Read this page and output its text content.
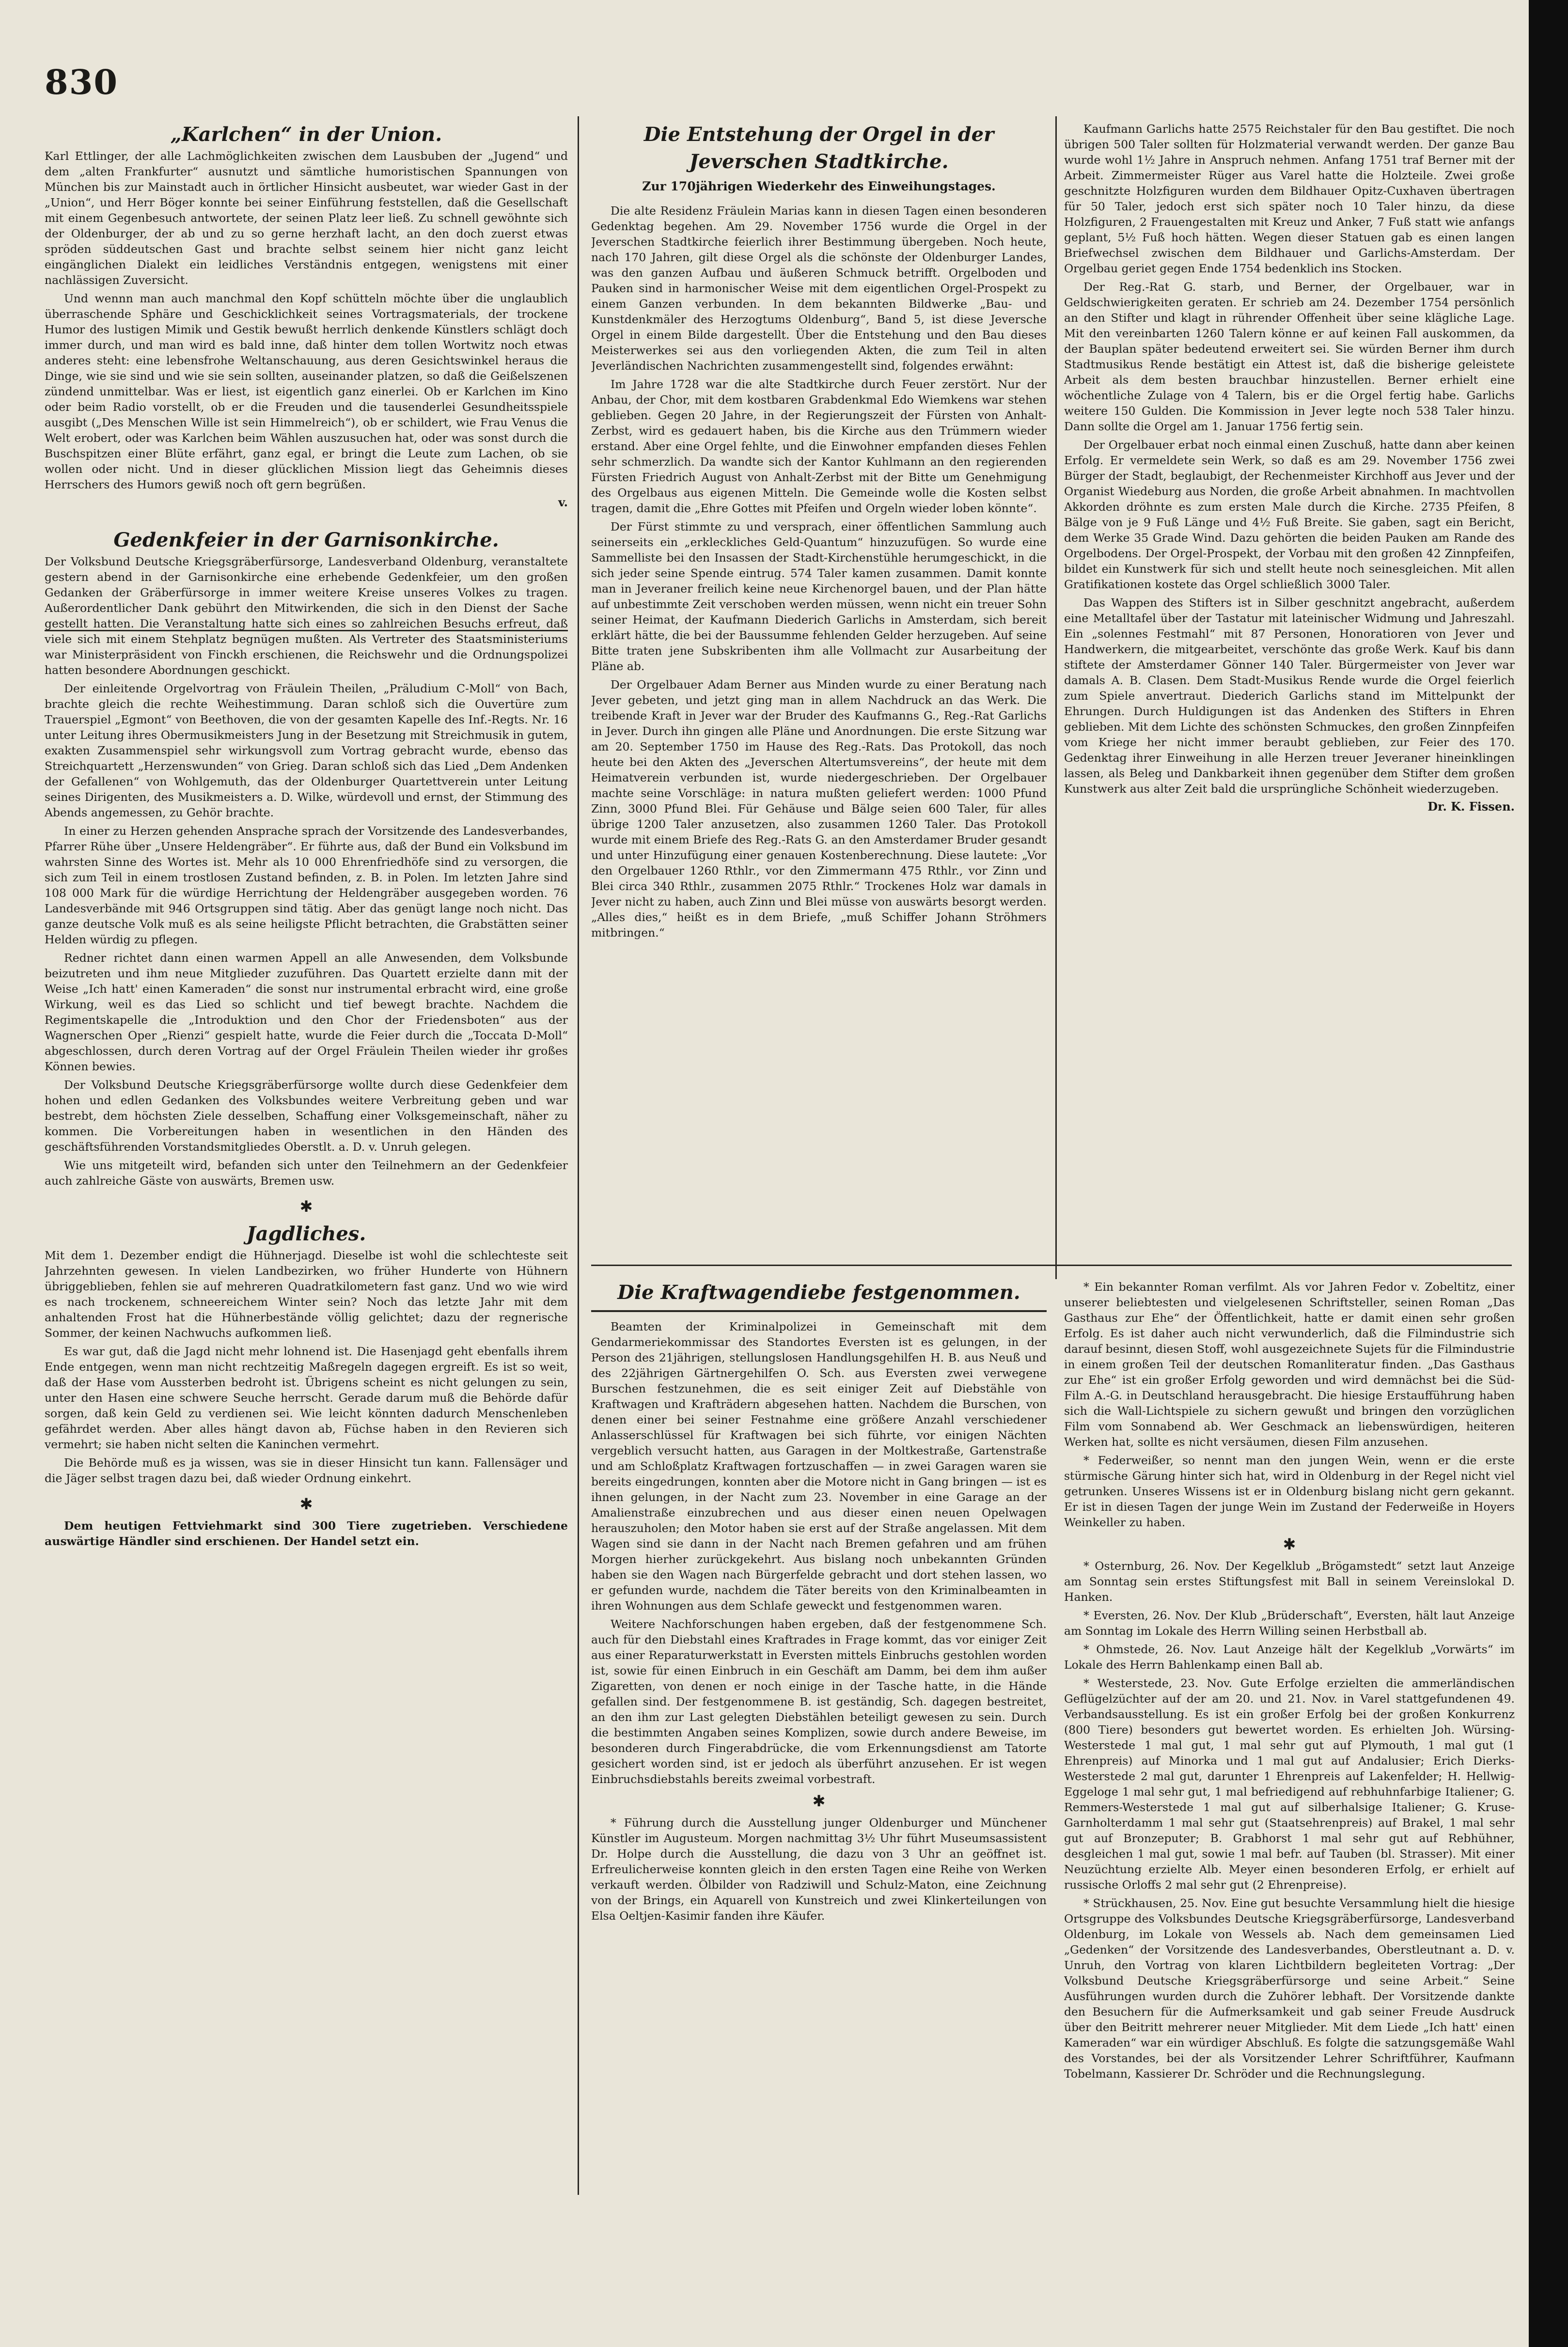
830
„Karlchen“ in der Union.

Karl Ettlinger, der alle Lachmöglichkeiten zwischen dem Lausbuben der „Jugend“ und dem „alten Frankfurter“ ausnutzt und sämtliche humoristischen Spannungen von München bis zur Mainstadt auch in örtlicher Hinsicht ausbeutet, war wieder Gast in der „Union“, und Herr Böger konnte bei seiner Einführung feststellen, daß die Gesellschaft mit einem Gegenbesuch antwortete, der seinen Platz leer ließ. Zu schnell gewöhnte sich der Oldenburger, der ab und zu so gerne herzhaft lacht, an den doch zuerst etwas spröden süddeutschen Gast und brachte selbst seinem hier nicht ganz leicht eingänglichen Dialekt ein leidliches Verständnis entgegen, wenigstens mit einer nachlässigen Zuversicht.

Und wennn man auch manchmal den Kopf schütteln möchte über die unglaublich überraschende Sphäre und Geschicklichkeit seines Vortragsmaterials, der trockene Humor des lustigen Mimik und Gestik bewußt herrlich denkende Künstlers schlägt doch immer durch, und man wird es bald inne, daß hinter dem tollen Wortwitz noch etwas anderes steht: eine lebensfrohe Weltanschauung, aus deren Gesichtswinkel heraus die Dinge, wie sie sind und wie sie sein sollten, auseinander platzen, so daß die Geißelszenen zündend unmittelbar. Was er liest, ist eigentlich ganz einerlei. Ob er Karlchen im Kino oder beim Radio vorstellt, ob er die Freuden und die tausenderlei Gesundheitsspiele ausgibt („Des Menschen Wille ist sein Himmelreich“), ob er schildert, wie Frau Venus die Welt erobert, oder was Karlchen beim Wählen auszusuchen hat, oder was sonst durch die Buschspitzen einer Blüte erfährt, ganz egal, er bringt die Leute zum Lachen, ob sie wollen oder nicht. Und in dieser glücklichen Mission liegt das Geheimnis dieses Herrschers des Humors gewiß noch oft gern begrüßen.

v.
Gedenkfeier in der Garnisonkirche.

Der Volksbund Deutsche Kriegsgräberfürsorge, Landesverband Oldenburg, veranstaltete gestern abend in der Garnisonkirche eine erhebende Gedenkfeier, um den großen Gedanken der Gräberfürsorge in immer weitere Kreise unseres Volkes zu tragen. Außerordentlicher Dank gebührt den Mitwirkenden, die sich in den Dienst der Sache gestellt hatten. Die Veranstaltung hatte sich eines so zahlreichen Besuchs erfreut, daß viele sich mit einem Stehplatz begnügen mußten. Als Vertreter des Staatsministeriums war Ministerpräsident von Finckh erschienen, die Reichswehr und die Ordnungspolizei hatten besondere Abordnungen geschickt.

Der einleitende Orgelvortrag von Fräulein Theilen, „Präludium C-Moll“ von Bach, brachte gleich die rechte Weihestimmung. Daran schloß sich die Ouvertüre zum Trauerspiel „Egmont“ von Beethoven, die von der gesamten Kapelle des Inf.-Regts. Nr. 16 unter Leitung ihres Obermusikmeisters Jung in der Besetzung mit Streichmusik in gutem, exakten Zusammenspiel sehr wirkungsvoll zum Vortrag gebracht wurde, ebenso das Streichquartett „Herzenswunden“ von Grieg. Daran schloß sich das Lied „Dem Andenken der Gefallenen“ von Wohlgemuth, das der Oldenburger Quartettverein unter Leitung seines Dirigenten, des Musikmeisters a. D. Wilke, würdevoll und ernst, der Stimmung des Abends angemessen, zu Gehör brachte.

In einer zu Herzen gehenden Ansprache sprach der Vorsitzende des Landesverbandes, Pfarrer Rühe über „Unsere Heldengräber“. Er führte aus, daß der Bund ein Volksbund im wahrsten Sinne des Wortes ist. Mehr als 10 000 Ehrenfriedhöfe sind zu versorgen, die sich zum Teil in einem trostlosen Zustand befinden, z. B. in Polen. Im letzten Jahre sind 108 000 Mark für die würdige Herrichtung der Heldengräber ausgegeben worden. 76 Landesverbände mit 946 Ortsgruppen sind tätig. Aber das genügt lange noch nicht. Das ganze deutsche Volk muß es als seine heiligste Pflicht betrachten, die Grabstätten seiner Helden würdig zu pflegen.

Redner richtet dann einen warmen Appell an alle Anwesenden, dem Volksbunde beizutreten und ihm neue Mitglieder zuzuführen. Das Quartett erzielte dann mit der Weise „Ich hatt' einen Kameraden“ die sonst nur instrumental erbracht wird, eine große Wirkung, weil es das Lied so schlicht und tief bewegt brachte. Nachdem die Regimentskapelle die „Introduktion und den Chor der Friedensboten“ aus der Wagnerschen Oper „Rienzi“ gespielt hatte, wurde die Feier durch die „Toccata D-Moll“ abgeschlossen, durch deren Vortrag auf der Orgel Fräulein Theilen wieder ihr großes Können bewies.

Der Volksbund Deutsche Kriegsgräberfürsorge wollte durch diese Gedenkfeier dem hohen und edlen Gedanken des Volksbundes weitere Verbreitung geben und war bestrebt, dem höchsten Ziele desselben, Schaffung einer Volksgemeinschaft, näher zu kommen. Die Vorbereitungen haben in wesentlichen in den Händen des geschäftsführenden Vorstandsmitgliedes Oberstlt. a. D. v. Unruh gelegen.

Wie uns mitgeteilt wird, befanden sich unter den Teilnehmern an der Gedenkfeier auch zahlreiche Gäste von auswärts, Bremen usw.

✱
Jagdliches.

Mit dem 1. Dezember endigt die Hühnerjagd. Dieselbe ist wohl die schlechteste seit Jahrzehnten gewesen. In vielen Landbezirken, wo früher Hunderte von Hühnern übriggeblieben, fehlen sie auf mehreren Quadratkilometern fast ganz. Und wo wie wird es nach trockenem, schneereichem Winter sein? Noch das letzte Jahr mit dem anhaltenden Frost hat die Hühnerbestände völlig gelichtet; dazu der regnerische Sommer, der keinen Nachwuchs aufkommen ließ.

Es war gut, daß die Jagd nicht mehr lohnend ist. Die Hasenjagd geht ebenfalls ihrem Ende entgegen, wenn man nicht rechtzeitig Maßregeln dagegen ergreift. Es ist so weit, daß der Hase vom Aussterben bedroht ist. Übrigens scheint es nicht gelungen zu sein, unter den Hasen eine schwere Seuche herrscht. Gerade darum muß die Behörde dafür sorgen, daß kein Geld zu verdienen sei. Wie leicht könnten dadurch Menschenleben gefährdet werden. Aber alles hängt davon ab, Füchse haben in den Revieren sich vermehrt; sie haben nicht selten die Kaninchen vermehrt.

Die Behörde muß es ja wissen, was sie in dieser Hinsicht tun kann. Fallensäger und die Jäger selbst tragen dazu bei, daß wieder Ordnung einkehrt.

✱

Dem heutigen Fettviehmarkt sind 300 Tiere zugetrieben. Verschiedene auswärtige Händler sind erschienen. Der Handel setzt ein.

Die Entstehung der Orgel in der Jeverschen Stadtkirche.
Zur 170jährigen Wiederkehr des Einweihungstages.

Die alte Residenz Fräulein Marias kann in diesen Tagen einen besonderen Gedenktag begehen. Am 29. November 1756 wurde die Orgel in der Jeverschen Stadtkirche feierlich ihrer Bestimmung übergeben. Noch heute, nach 170 Jahren, gilt diese Orgel als die schönste der Oldenburger Landes, was den ganzen Aufbau und äußeren Schmuck betrifft. Orgelboden und Pauken sind in harmonischer Weise mit dem eigentlichen Orgel-Prospekt zu einem Ganzen verbunden. In dem bekannten Bildwerke „Bau- und Kunstdenkmäler des Herzogtums Oldenburg“, Band 5, ist diese Jeversche Orgel in einem Bilde dargestellt. Über die Entstehung und den Bau dieses Meisterwerkes sei aus den vorliegenden Akten, die zum Teil in alten Jeverländischen Nachrichten zusammengestellt sind, folgendes erwähnt:

Im Jahre 1728 war die alte Stadtkirche durch Feuer zerstört. Nur der Anbau, der Chor, mit dem kostbaren Grabdenkmal Edo Wiemkens war stehen geblieben. Gegen 20 Jahre, in der Regierungszeit der Fürsten von Anhalt-Zerbst, wird es gedauert haben, bis die Kirche aus den Trümmern wieder erstand. Aber eine Orgel fehlte, und die Einwohner empfanden dieses Fehlen sehr schmerzlich. Da wandte sich der Kantor Kuhlmann an den regierenden Fürsten Friedrich August von Anhalt-Zerbst mit der Bitte um Genehmigung des Orgelbaus aus eigenen Mitteln. Die Gemeinde wolle die Kosten selbst tragen, damit die „Ehre Gottes mit Pfeifen und Orgeln wieder loben könnte“.

Der Fürst stimmte zu und versprach, einer öffentlichen Sammlung auch seinerseits ein „erkleckliches Geld-Quantum“ hinzuzufügen. So wurde eine Sammelliste bei den Insassen der Stadt-Kirchenstühle herumgeschickt, in die sich jeder seine Spende eintrug. 574 Taler kamen zusammen. Damit konnte man in Jeveraner freilich keine neue Kirchenorgel bauen, und der Plan hätte auf unbestimmte Zeit verschoben werden müssen, wenn nicht ein treuer Sohn seiner Heimat, der Kaufmann Diederich Garlichs in Amsterdam, sich bereit erklärt hätte, die bei der Baussumme fehlenden Gelder herzugeben. Auf seine Bitte traten jene Subskribenten ihm alle Vollmacht zur Ausarbeitung der Pläne ab.

Der Orgelbauer Adam Berner aus Minden wurde zu einer Beratung nach Jever gebeten, und jetzt ging man in allem Nachdruck an das Werk. Die treibende Kraft in Jever war der Bruder des Kaufmanns G., Reg.-Rat Garlichs in Jever. Durch ihn gingen alle Pläne und Anordnungen. Die erste Sitzung war am 20. September 1750 im Hause des Reg.-Rats. Das Protokoll, das noch heute bei den Akten des „Jeverschen Altertumsvereins“, der heute mit dem Heimatverein verbunden ist, wurde niedergeschrieben. Der Orgelbauer machte seine Vorschläge: in natura mußten geliefert werden: 1000 Pfund Zinn, 3000 Pfund Blei. Für Gehäuse und Bälge seien 600 Taler, für alles übrige 1200 Taler anzusetzen, also zusammen 1260 Taler. Das Protokoll wurde mit einem Briefe des Reg.-Rats G. an den Amsterdamer Bruder gesandt und unter Hinzufügung einer genauen Kostenberechnung. Diese lautete: „Vor den Orgelbauer 1260 Rthlr., vor den Zimmermann 475 Rthlr., vor Zinn und Blei circa 340 Rthlr., zusammen 2075 Rthlr.“ Trockenes Holz war damals in Jever nicht zu haben, auch Zinn und Blei müsse von auswärts besorgt werden. „Alles dies,“ heißt es in dem Briefe, „muß Schiffer Johann Ströhmers mitbringen.“

Kaufmann Garlichs hatte 2575 Reichstaler für den Bau gestiftet. Die noch übrigen 500 Taler sollten für Holzmaterial verwandt werden. Der ganze Bau wurde wohl 1½ Jahre in Anspruch nehmen. Anfang 1751 traf Berner mit der Arbeit. Zimmermeister Rüger aus Varel hatte die Holzteile. Zwei große geschnitzte Holzfiguren wurden dem Bildhauer Opitz-Cuxhaven übertragen für 50 Taler, jedoch erst sich später noch 10 Taler hinzu, da diese Holzfiguren, 2 Frauengestalten mit Kreuz und Anker, 7 Fuß statt wie anfangs geplant, 5½ Fuß hoch hätten. Wegen dieser Statuen gab es einen langen Briefwechsel zwischen dem Bildhauer und Garlichs-Amsterdam. Der Orgelbau geriet gegen Ende 1754 bedenklich ins Stocken.

Der Reg.-Rat G. starb, und Berner, der Orgelbauer, war in Geldschwierigkeiten geraten. Er schrieb am 24. Dezember 1754 persönlich an den Stifter und klagt in rührender Offenheit über seine klägliche Lage. Mit den vereinbarten 1260 Talern könne er auf keinen Fall auskommen, da der Bauplan später bedeutend erweitert sei. Sie würden Berner ihm durch Stadtmusikus Rende bestätigt ein Attest ist, daß die bisherige geleistete Arbeit als dem besten brauchbar hinzustellen. Berner erhielt eine wöchentliche Zulage von 4 Talern, bis er die Orgel fertig habe. Garlichs weitere 150 Gulden. Die Kommission in Jever legte noch 538 Taler hinzu. Dann sollte die Orgel am 1. Januar 1756 fertig sein.

Der Orgelbauer erbat noch einmal einen Zuschuß, hatte dann aber keinen Erfolg. Er vermeldete sein Werk, so daß es am 29. November 1756 zwei Bürger der Stadt, beglaubigt, der Rechenmeister Kirchhoff aus Jever und der Organist Wiedeburg aus Norden, die große Arbeit abnahmen. In machtvollen Akkorden dröhnte es zum ersten Male durch die Kirche. 2735 Pfeifen, 8 Bälge von je 9 Fuß Länge und 4½ Fuß Breite. Sie gaben, sagt ein Bericht, dem Werke 35 Grade Wind. Dazu gehörten die beiden Pauken am Rande des Orgelbodens. Der Orgel-Prospekt, der Vorbau mit den großen 42 Zinnpfeifen, bildet ein Kunstwerk für sich und stellt heute noch seinesgleichen. Mit allen Gratifikationen kostete das Orgel schließlich 3000 Taler.

Das Wappen des Stifters ist in Silber geschnitzt angebracht, außerdem eine Metalltafel über der Tastatur mit lateinischer Widmung und Jahreszahl. Ein „solennes Festmahl“ mit 87 Personen, Honoratioren von Jever und Handwerkern, die mitgearbeitet, verschönte das große Werk. Kauf bis dann stiftete der Amsterdamer Gönner 140 Taler. Bürgermeister von Jever war damals A. B. Clasen. Dem Stadt-Musikus Rende wurde die Orgel feierlich zum Spiele anvertraut. Diederich Garlichs stand im Mittelpunkt der Ehrungen. Durch Huldigungen ist das Andenken des Stifters in Ehren geblieben. Mit dem Lichte des schönsten Schmuckes, den großen Zinnpfeifen vom Kriege her nicht immer beraubt geblieben, zur Feier des 170. Gedenktag ihrer Einweihung in alle Herzen treuer Jeveraner hineinklingen lassen, als Beleg und Dankbarkeit ihnen gegenüber dem Stifter dem großen Kunstwerk aus alter Zeit bald die ursprüngliche Schönheit wiederzugeben.

Dr. K. Fissen.
Die Kraftwagendiebe festgenommen.

Beamten der Kriminalpolizei in Gemeinschaft mit dem Gendarmeriekommissar des Standortes Eversten ist es gelungen, in der Person des 21jährigen, stellungslosen Handlungsgehilfen H. B. aus Neuß und des 22jährigen Gärtnergehilfen O. Sch. aus Eversten zwei verwegene Burschen festzunehmen, die es seit einiger Zeit auf Diebstähle von Kraftwagen und Krafträdern abgesehen hatten. Nachdem die Burschen, von denen einer bei seiner Festnahme eine größere Anzahl verschiedener Anlasserschlüssel für Kraftwagen bei sich führte, vor einigen Nächten vergeblich versucht hatten, aus Garagen in der Moltkestraße, Gartenstraße und am Schloßplatz Kraftwagen fortzuschaffen — in zwei Garagen waren sie bereits eingedrungen, konnten aber die Motore nicht in Gang bringen — ist es ihnen gelungen, in der Nacht zum 23. November in eine Garage an der Amalienstraße einzubrechen und aus dieser einen neuen Opelwagen herauszuholen; den Motor haben sie erst auf der Straße angelassen. Mit dem Wagen sind sie dann in der Nacht nach Bremen gefahren und am frühen Morgen hierher zurückgekehrt. Aus bislang noch unbekannten Gründen haben sie den Wagen nach Bürgerfelde gebracht und dort stehen lassen, wo er gefunden wurde, nachdem die Täter bereits von den Kriminalbeamten in ihren Wohnungen aus dem Schlafe geweckt und festgenommen waren.

Weitere Nachforschungen haben ergeben, daß der festgenommene Sch. auch für den Diebstahl eines Kraftrades in Frage kommt, das vor einiger Zeit aus einer Reparaturwerkstatt in Eversten mittels Einbruchs gestohlen worden ist, sowie für einen Einbruch in ein Geschäft am Damm, bei dem ihm außer Zigaretten, von denen er noch einige in der Tasche hatte, in die Hände gefallen sind. Der festgenommene B. ist geständig, Sch. dagegen bestreitet, an den ihm zur Last gelegten Diebstählen beteiligt gewesen zu sein. Durch die bestimmten Angaben seines Komplizen, sowie durch andere Beweise, im besonderen durch Fingerabdrücke, die vom Erkennungsdienst am Tatorte gesichert worden sind, ist er jedoch als überführt anzusehen. Er ist wegen Einbruchsdiebstahls bereits zweimal vorbestraft.

✱

* Führung durch die Ausstellung junger Oldenburger und Münchener Künstler im Augusteum. Morgen nachmittag 3½ Uhr führt Museumsassistent Dr. Holpe durch die Ausstellung, die dazu von 3 Uhr an geöffnet ist. Erfreulicherweise konnten gleich in den ersten Tagen eine Reihe von Werken verkauft werden. Ölbilder von Radziwill und Schulz-Maton, eine Zeichnung von der Brings, ein Aquarell von Kunstreich und zwei Klinkerteilungen von Elsa Oeltjen-Kasimir fanden ihre Käufer.

* Ein bekannter Roman verfilmt. Als vor Jahren Fedor v. Zobeltitz, einer unserer beliebtesten und vielgelesenen Schriftsteller, seinen Roman „Das Gasthaus zur Ehe“ der Öffentlichkeit, hatte er damit einen sehr großen Erfolg. Es ist daher auch nicht verwunderlich, daß die Filmindustrie sich darauf besinnt, diesen Stoff, wohl ausgezeichnete Sujets für die Filmindustrie in einem großen Teil der deutschen Romanliteratur finden. „Das Gasthaus zur Ehe“ ist ein großer Erfolg geworden und wird demnächst bei die Süd-Film A.-G. in Deutschland herausgebracht. Die hiesige Erstaufführung haben sich die Wall-Lichtspiele zu sichern gewußt und bringen den vorzüglichen Film vom Sonnabend ab. Wer Geschmack an liebenswürdigen, heiteren Werken hat, sollte es nicht versäumen, diesen Film anzusehen.

* Federweißer, so nennt man den jungen Wein, wenn er die erste stürmische Gärung hinter sich hat, wird in Oldenburg in der Regel nicht viel getrunken. Unseres Wissens ist er in Oldenburg bislang nicht gern gekannt. Er ist in diesen Tagen der junge Wein im Zustand der Federweiße in Hoyers Weinkeller zu haben.

✱

* Osternburg, 26. Nov. Der Kegelklub „Brögamstedt“ setzt laut Anzeige am Sonntag sein erstes Stiftungsfest mit Ball in seinem Vereinslokal D. Hanken.

* Eversten, 26. Nov. Der Klub „Brüderschaft“, Eversten, hält laut Anzeige am Sonntag im Lokale des Herrn Willing seinen Herbstball ab.

* Ohmstede, 26. Nov. Laut Anzeige hält der Kegelklub „Vorwärts“ im Lokale des Herrn Bahlenkamp einen Ball ab.

* Westerstede, 23. Nov. Gute Erfolge erzielten die ammerländischen Geflügelzüchter auf der am 20. und 21. Nov. in Varel stattgefundenen 49. Verbandsausstellung. Es ist ein großer Erfolg bei der großen Konkurrenz (800 Tiere) besonders gut bewertet worden. Es erhielten Joh. Würsing-Westerstede 1 mal gut, 1 mal sehr gut auf Plymouth, 1 mal gut (1 Ehrenpreis) auf Minorka und 1 mal gut auf Andalusier; Erich Dierks-Westerstede 2 mal gut, darunter 1 Ehrenpreis auf Lakenfelder; H. Hellwig-Eggeloge 1 mal sehr gut, 1 mal befriedigend auf rebhuhnfarbige Italiener; G. Remmers-Westerstede 1 mal gut auf silberhalsige Italiener; G. Kruse-Garnholterdamm 1 mal sehr gut (Staatsehrenpreis) auf Brakel, 1 mal sehr gut auf Bronzeputer; B. Grabhorst 1 mal sehr gut auf Rebhühner, desgleichen 1 mal gut, sowie 1 mal befr. auf Tauben (bl. Strasser). Mit einer Neuzüchtung erzielte Alb. Meyer einen besonderen Erfolg, er erhielt auf russische Orloffs 2 mal sehr gut (2 Ehrenpreise).

* Strückhausen, 25. Nov. Eine gut besuchte Versammlung hielt die hiesige Ortsgruppe des Volksbundes Deutsche Kriegsgräberfürsorge, Landesverband Oldenburg, im Lokale von Wessels ab. Nach dem gemeinsamen Lied „Gedenken“ der Vorsitzende des Landesverbandes, Oberstleutnant a. D. v. Unruh, den Vortrag von klaren Lichtbildern begleiteten Vortrag: „Der Volksbund Deutsche Kriegsgräberfürsorge und seine Arbeit.“ Seine Ausführungen wurden durch die Zuhörer lebhaft. Der Vorsitzende dankte den Besuchern für die Aufmerksamkeit und gab seiner Freude Ausdruck über den Beitritt mehrerer neuer Mitglieder. Mit dem Liede „Ich hatt' einen Kameraden“ war ein würdiger Abschluß. Es folgte die satzungsgemäße Wahl des Vorstandes, bei der als Vorsitzender Lehrer Schriftführer, Kaufmann Tobelmann, Kassierer Dr. Schröder und die Rechnungslegung.
